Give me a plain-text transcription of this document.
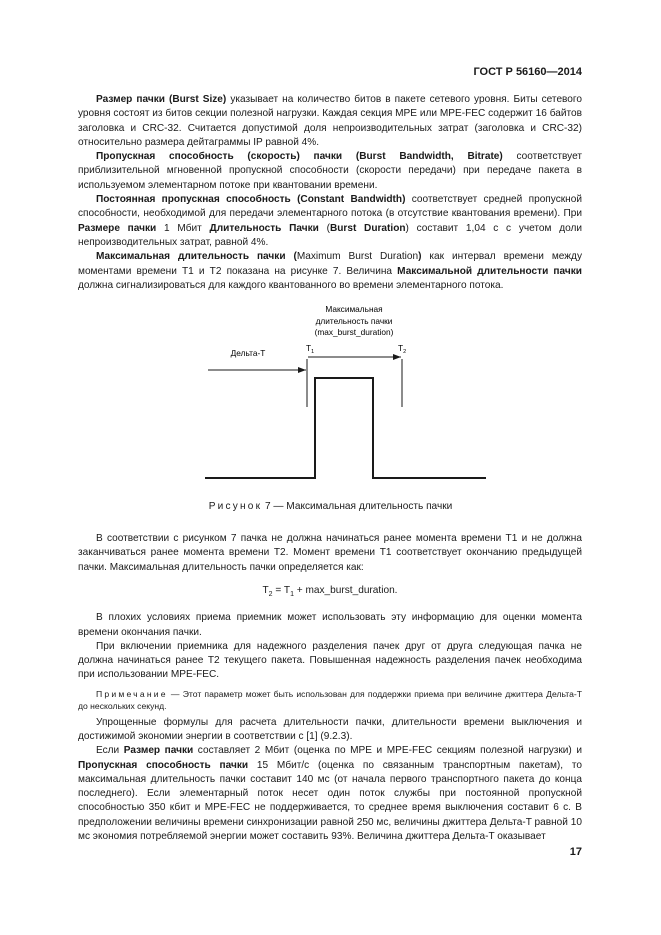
ГОСТ Р 56160—2014

Размер пачки (Burst Size) указывает на количество битов в пакете сетевого уровня. Биты сетевого уровня состоят из битов секции полезной нагрузки. Каждая секция MPE или MPE-FEC содержит 16 байтов заголовка и CRC-32. Считается допустимой доля непроизводительных затрат (заголовка и CRC-32) относительно размера дейтаграммы IP равной 4%.

Пропускная способность (скорость) пачки (Burst Bandwidth, Bitrate) соответствует приблизительной мгновенной пропускной способности (скорости передачи) при передаче пакета в используемом элементарном потоке при квантовании времени.

Постоянная пропускная способность (Constant Bandwidth) соответствует средней пропускной способности, необходимой для передачи элементарного потока (в отсутствие квантования времени). При Размере пачки 1 Мбит Длительность Пачки (Burst Duration) составит 1,04 с с учетом доли непроизводительных затрат, равной 4%.

Максимальная длительность пачки (Maximum Burst Duration) как интервал времени между моментами времени T1 и T2 показана на рисунке 7. Величина Максимальной длительности пачки должна сигнализироваться для каждого квантованного во времени элементарного потока.

Максимальная
длительность пачки
(max_burst_duration)
Дельта-T	$T_1$	$T_2$
Рисунок 7 — Максимальная длительность пачки

В соответствии с рисунком 7 пачка не должна начинаться ранее момента времени T1 и не должна заканчиваться ранее момента времени T2. Момент времени T1 соответствует окончанию предыдущей пачки. Максимальная длительность пачки определяется как:

$T_2 = T_1$ + max_burst_duration.

В плохих условиях приема приемник может использовать эту информацию для оценки момента времени окончания пачки.

При включении приемника для надежного разделения пачек друг от друга следующая пачка не должна начинаться ранее T2 текущего пакета. Повышенная надежность разделения пачек необходима при использовании MPE-FEC.

Примечание — Этот параметр может быть использован для поддержки приема при величине джиттера Дельта-T до нескольких секунд.

Упрощенные формулы для расчета длительности пачки, длительности времени выключения и достижимой экономии энергии в соответствии с [1] (9.2.3).

Если Размер пачки составляет 2 Мбит (оценка по MPE и MPE-FEC секциям полезной нагрузки) и Пропускная способность пачки 15 Мбит/с (оценка по связанным транспортным пакетам), то максимальная длительность пачки составит 140 мс (от начала первого транспортного пакета до конца последнего). Если элементарный поток несет один поток службы при постоянной пропускной способностью 350 кбит и MPE-FEC не поддерживается, то среднее время выключения составит 6 с. В предположении величины времени синхронизации равной 250 мс, величины джиттера Дельта-T равной 10 мс экономия потребляемой энергии может составить 93%. Величина джиттера Дельта-T оказывает

17
